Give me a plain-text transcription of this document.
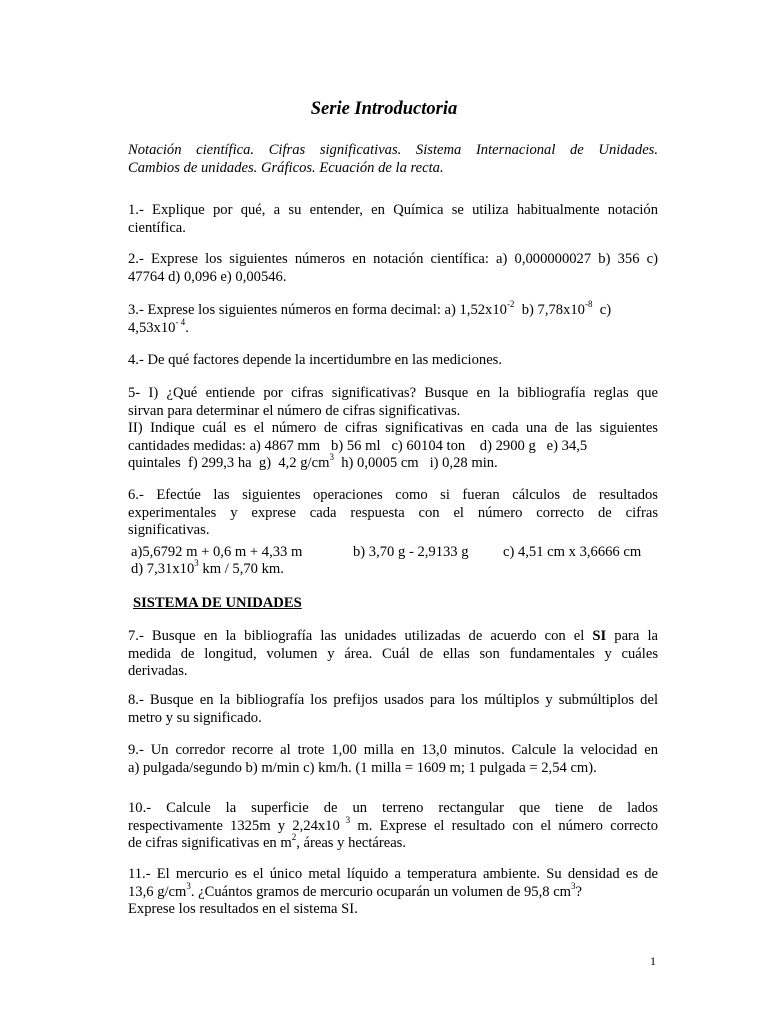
Serie Introductoria
Notación científica. Cifras significativas. Sistema Internacional de Unidades.
Cambios de unidades. Gráficos. Ecuación de la recta.
1.- Explique por qué, a su entender, en Química se utiliza habitualmente notación
científica.
2.- Exprese los siguientes números en notación científica: a) 0,000000027 b) 356 c)
47764 d) 0,096 e) 0,00546.
3.- Exprese los siguientes números en forma decimal: a) $1,52x10^{-2}$  b) $7,78x10^{-8}$  c)
$4,53x10^{- 4}$.
4.- De qué factores depende la incertidumbre en las mediciones.
5- I) ¿Qué entiende por cifras significativas? Busque en la bibliografía reglas que
sirvan para determinar el número de cifras significativas.
II) Indique cuál es el número de cifras significativas en cada una de las siguientes
cantidades medidas: a) 4867 mm   b) 56 ml   c) 60104 ton    d) 2900 g   e) 34,5
quintales  f) 299,3 ha  g)  4,2 $g/cm^3$  h) 0,0005 cm   i) 0,28 min.
6.- Efectúe las siguientes operaciones como si fueran cálculos de resultados
experimentales y exprese cada respuesta con el número correcto de cifras
significativas.
a)5,6792 m + 0,6 m + 4,33 m	b) 3,70 g - 2,9133 g c) 4,51 cm x 3,6666 cm
d) $7,31x10^3$ km / 5,70 km.
SISTEMA DE UNIDADES
7.- Busque en la bibliografía las unidades utilizadas de acuerdo con el SI para la
medida de longitud, volumen y área. Cuál de ellas son fundamentales y cuáles
derivadas.
8.- Busque en la bibliografía los prefijos usados para los múltiplos y submúltiplos del
metro y su significado.
9.- Un corredor recorre al trote 1,00 milla en 13,0 minutos. Calcule la velocidad en
a) pulgada/segundo b) m/min c) km/h. (1 milla = 1609 m; 1 pulgada = 2,54 cm).
10.- Calcule la superficie de un terreno rectangular que tiene de lados
respectivamente 1325m y 2,24x10 $^3$ m. Exprese el resultado con el número correcto
de cifras significativas en $m^2$, áreas y hectáreas.
11.- El mercurio es el único metal líquido a temperatura ambiente. Su densidad es de
13,6 $g/cm^3$. ¿Cuántos gramos de mercurio ocuparán un volumen de 95,8 $cm^3$?
Exprese los resultados en el sistema SI.
1
